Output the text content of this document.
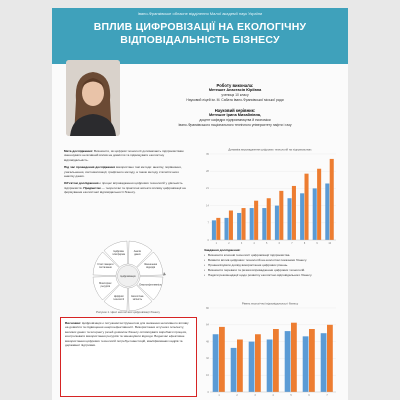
Івано-Франківське обласне відділення Малої академії наук України
ВПЛИВ ЦИФРОВІЗАЦІЇ НА ЕКОЛОГІЧНУ
ВІДПОВІДАЛЬНІСТЬ БІЗНЕСУ
Роботу виконала:
Метешит Анастасія Юріївна
учениця 10 класу
Науковий ліцей ім. М. Сабата Івано-Франківської міської ради
Науковий керівник:
Метешит Ірина Михайлівна,
доцент кафедри підприємництва й економіки
Івано-Франківського національного технічного університету нафти і газу

Мета дослідження: Визначити, як цифрові технології допомагають підприємствам зменшувати негативний вплив на довкілля та підвищувати екологічну відповідальність.

Під час проведення дослідження використано такі методи: аналізу, порівняння, узагальнення, систематизації, графічного методу, а також методу статистичного аналізу даних.

Об'єктом дослідження є процес впровадження цифрових технологій у діяльність підприємств. Предметом — теоретичні та практичні аспекти впливу цифровізації на формування екологічної відповідальності бізнесу.

Аналіз даних
Зменшення відходів
Енергоефективність
Екологічна звітність
Цифрові технології
Моніторинг ресурсів
Сталі ланцюги постачання
Цифрова платформа
Цифровізація
Рисунок 1. Цикл екологічної цифровізації бізнесу
Висновки: Цифровізація є потужним інструментом для зниження негативного впливу на довкілля та підвищення енергоефективності. Використання штучного інтелекту, великих даних та інтернету речей дозволяє бізнесу оптимізувати виробничі процеси, контролювати використання ресурсів та зменшувати відходи. Водночас ефективне використання цифрових технологій потребує інвестицій, кваліфікованих кадрів та державної підтримки.
Динаміка впровадження цифрових технологій на підприємствах
0
7
14
21
28
35
1	2	3	4	5	6	7	8	9	10
Завдання дослідження:
• Визначити ключові технології цифровізації підприємства.
• Виявити вплив цифрових технологій на екологічні показники бізнесу.
• Проаналізувати досвід використання цифрових рішень.
• Визначити переваги та ризики впровадження цифрових технологій.
• Надати рекомендації щодо розвитку екологічно відповідального бізнесу.
Рівень екологічної відповідальності бізнесу
0
16
32
48
64
80
1	2	3	4	5	6	7
